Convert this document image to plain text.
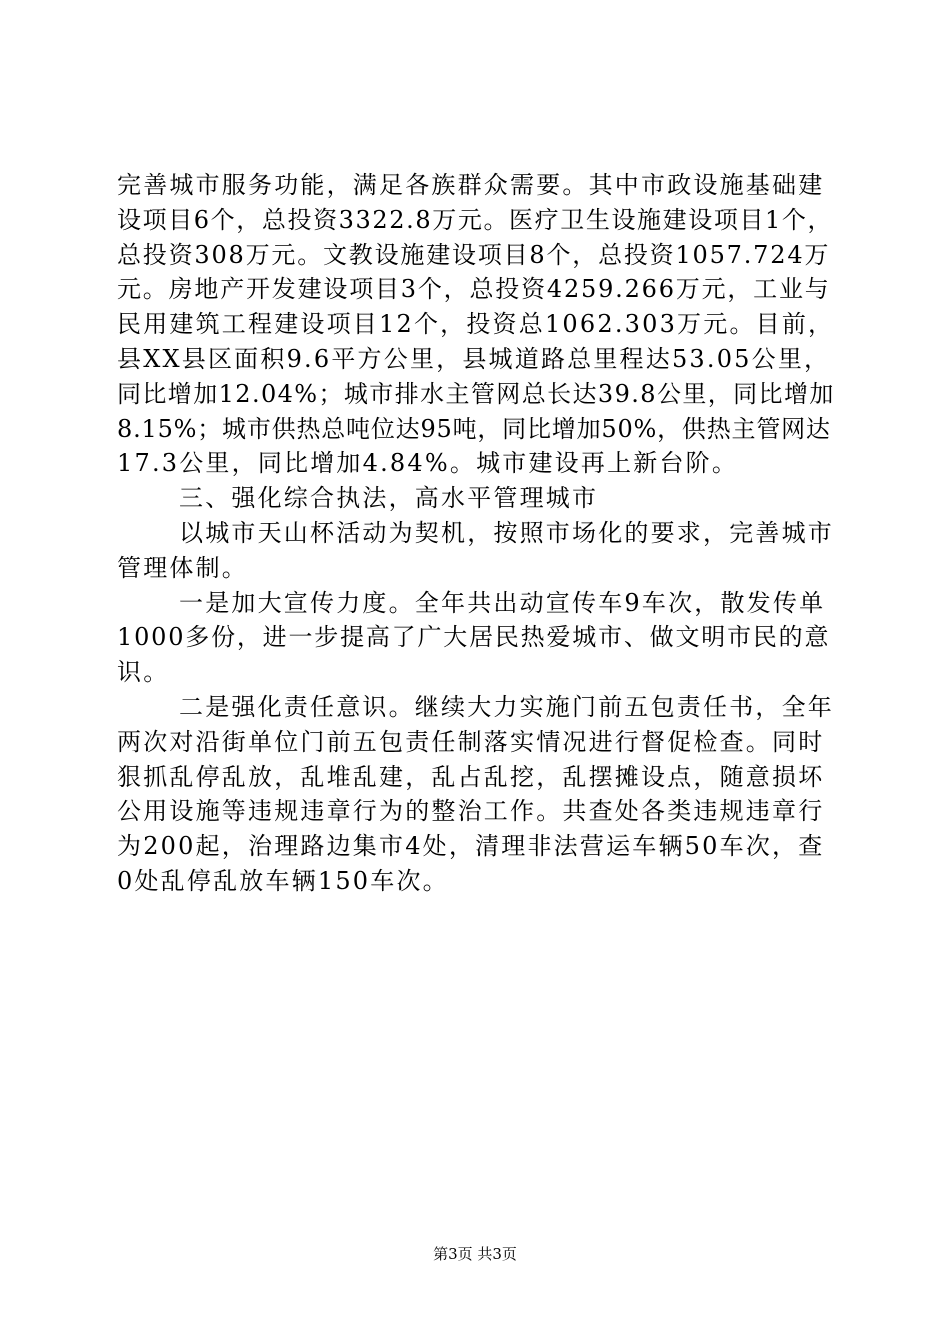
完善城市服务功能，满足各族群众需要。其中市政设施基础建
设项目6个，总投资3322.8万元。医疗卫生设施建设项目1个，
总投资308万元。文教设施建设项目8个，总投资1057.724万
元。房地产开发建设项目3个，总投资4259.266万元，工业与
民用建筑工程建设项目12个，投资总1062.303万元。目前，
县XX县区面积9.6平方公里，县城道路总里程达53.05公里，
同比增加12.04%；城市排水主管网总长达39.8公里，同比增加
8.15%；城市供热总吨位达95吨，同比增加50%，供热主管网达
17.3公里，同比增加4.84%。城市建设再上新台阶。
三、强化综合执法，高水平管理城市
以城市天山杯活动为契机，按照市场化的要求，完善城市
管理体制。
一是加大宣传力度。全年共出动宣传车9车次，散发传单
1000多份，进一步提高了广大居民热爱城市、做文明市民的意
识。
二是强化责任意识。继续大力实施门前五包责任书，全年
两次对沿街单位门前五包责任制落实情况进行督促检查。同时
狠抓乱停乱放，乱堆乱建，乱占乱挖，乱摆摊设点，随意损坏
公用设施等违规违章行为的整治工作。共查处各类违规违章行
为200起，治理路边集市4处，清理非法营运车辆50车次，查
0处乱停乱放车辆150车次。
第3页 共3页
